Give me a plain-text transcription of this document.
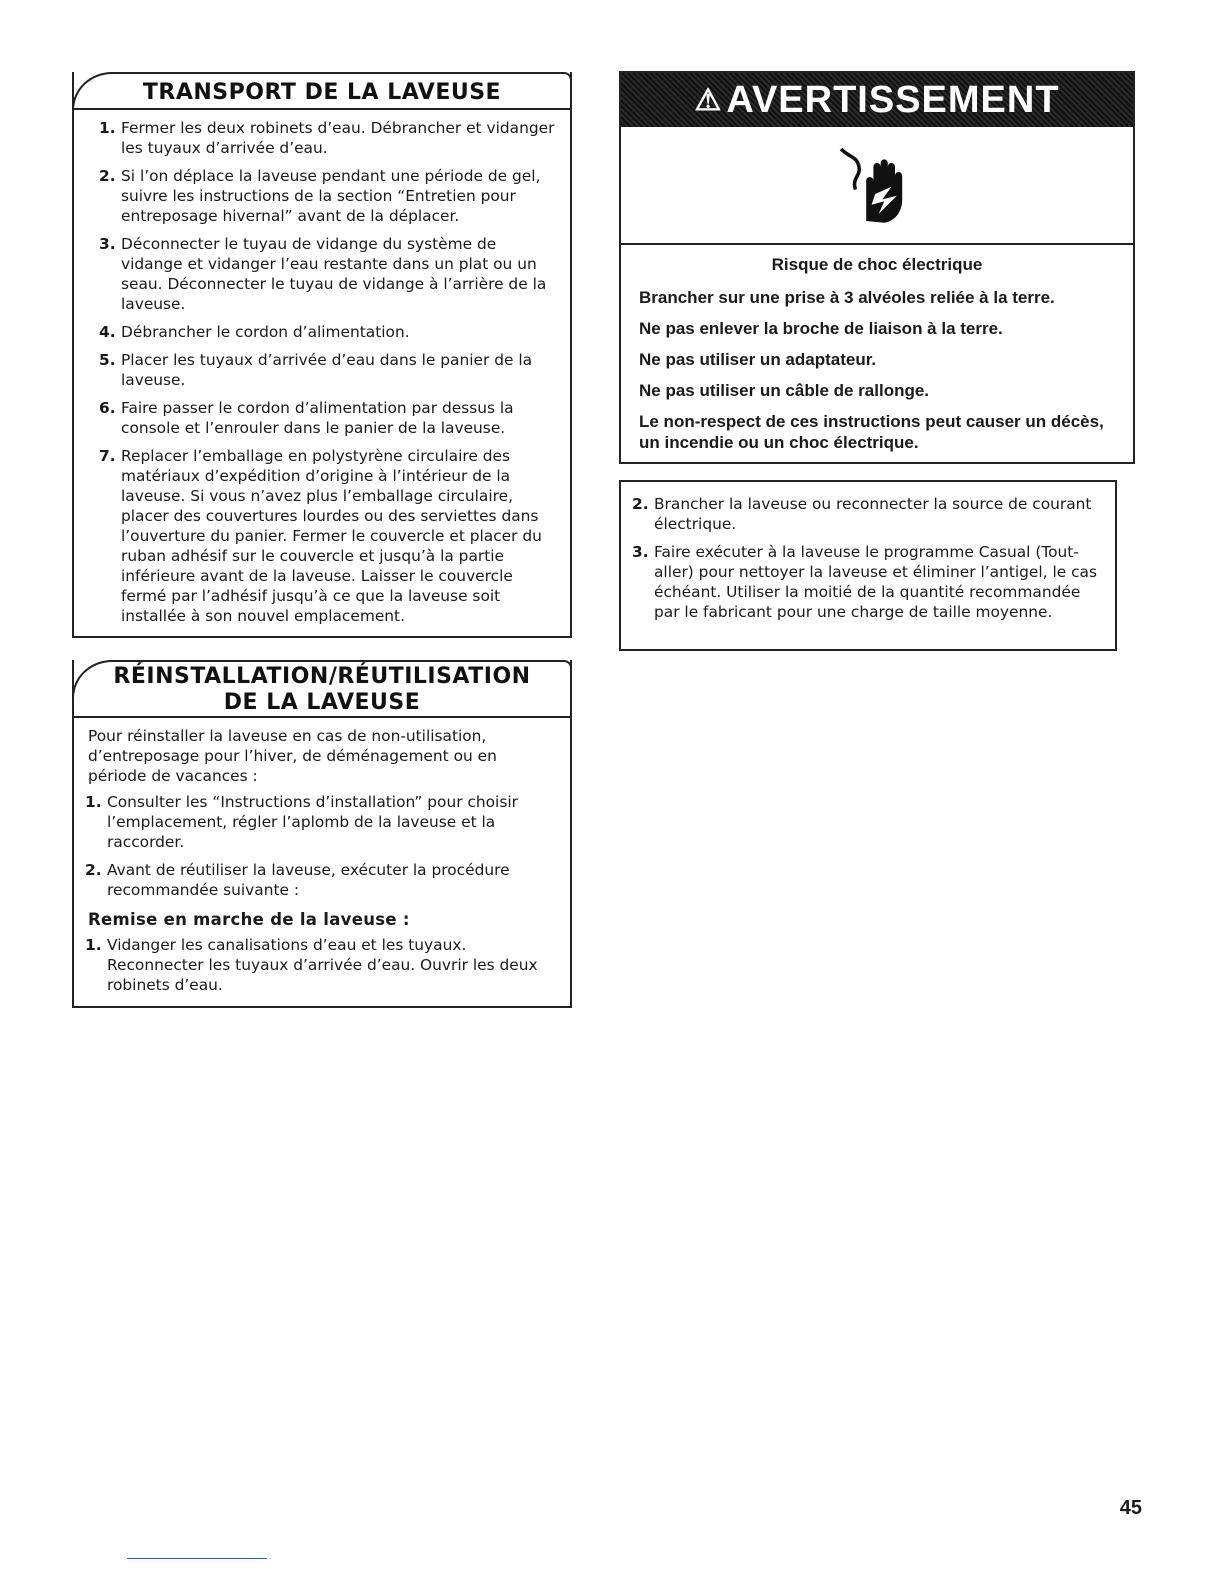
TRANSPORT DE LA LAVEUSE
1. Fermer les deux robinets d’eau. Débrancher et vidanger les tuyaux d’arrivée d’eau.
2. Si l’on déplace la laveuse pendant une période de gel, suivre les instructions de la section “Entretien pour entreposage hivernal” avant de la déplacer.
3. Déconnecter le tuyau de vidange du système de vidange et vidanger l’eau restante dans un plat ou un seau. Déconnecter le tuyau de vidange à l’arrière de la laveuse.
4. Débrancher le cordon d’alimentation.
5. Placer les tuyaux d’arrivée d’eau dans le panier de la laveuse.
6. Faire passer le cordon d’alimentation par dessus la console et l’enrouler dans le panier de la laveuse.
7. Replacer l’emballage en polystyrène circulaire des matériaux d’expédition d’origine à l’intérieur de la laveuse. Si vous n’avez plus l’emballage circulaire, placer des couvertures lourdes ou des serviettes dans l’ouverture du panier. Fermer le couvercle et placer du ruban adhésif sur le couvercle et jusqu’à la partie inférieure avant de la laveuse. Laisser le couvercle fermé par l’adhésif jusqu’à ce que la laveuse soit installée à son nouvel emplacement.
RÉINSTALLATION/RÉUTILISATION
DE LA LAVEUSE
Pour réinstaller la laveuse en cas de non-utilisation, d’entreposage pour l’hiver, de déménagement ou en période de vacances :
1. Consulter les “Instructions d’installation” pour choisir l’emplacement, régler l’aplomb de la laveuse et la raccorder.
2. Avant de réutiliser la laveuse, exécuter la procédure recommandée suivante :
Remise en marche de la laveuse :
1. Vidanger les canalisations d’eau et les tuyaux. Reconnecter les tuyaux d’arrivée d’eau. Ouvrir les deux robinets d’eau.
⚠ AVERTISSEMENT
Risque de choc électrique

Brancher sur une prise à 3 alvéoles reliée à la terre.

Ne pas enlever la broche de liaison à la terre.

Ne pas utiliser un adaptateur.

Ne pas utiliser un câble de rallonge.

Le non-respect de ces instructions peut causer un décès, un incendie ou un choc électrique.

2. Brancher la laveuse ou reconnecter la source de courant électrique.
3. Faire exécuter à la laveuse le programme Casual (Tout-aller) pour nettoyer la laveuse et éliminer l’antigel, le cas échéant. Utiliser la moitié de la quantité recommandée par le fabricant pour une charge de taille moyenne.
45
